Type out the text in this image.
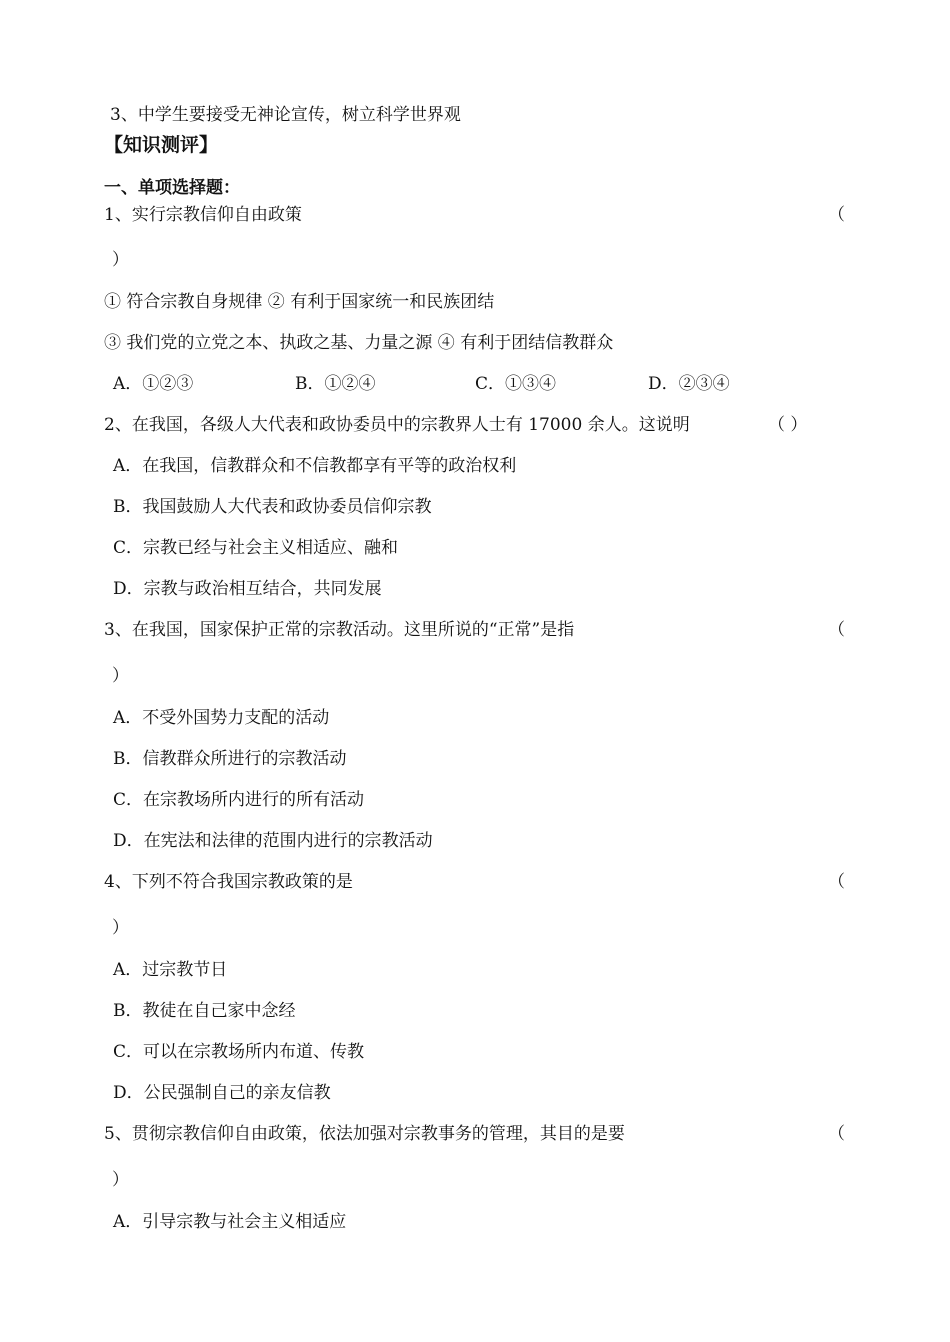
3、中学生要接受无神论宣传，树立科学世界观
【知识测评】
一、单项选择题：
1、实行宗教信仰自由政策	（
）
① 符合宗教自身规律 ② 有利于国家统一和民族团结
③ 我们党的立党之本、执政之基、力量之源 ④ 有利于团结信教群众
A．①②③	B．①②④	C．①③④	D．②③④
2、在我国，各级人大代表和政协委员中的宗教界人士有 17000 余人。这说明	（ ）
A．在我国，信教群众和不信教都享有平等的政治权利
B．我国鼓励人大代表和政协委员信仰宗教
C．宗教已经与社会主义相适应、融和
D．宗教与政治相互结合，共同发展
3、在我国，国家保护正常的宗教活动。这里所说的“正常”是指	（
）
A．不受外国势力支配的活动
B．信教群众所进行的宗教活动
C．在宗教场所内进行的所有活动
D．在宪法和法律的范围内进行的宗教活动
4、下列不符合我国宗教政策的是	（
）
A．过宗教节日
B．教徒在自己家中念经
C．可以在宗教场所内布道、传教
D．公民强制自己的亲友信教
5、贯彻宗教信仰自由政策，依法加强对宗教事务的管理，其目的是要	（
）
A．引导宗教与社会主义相适应
